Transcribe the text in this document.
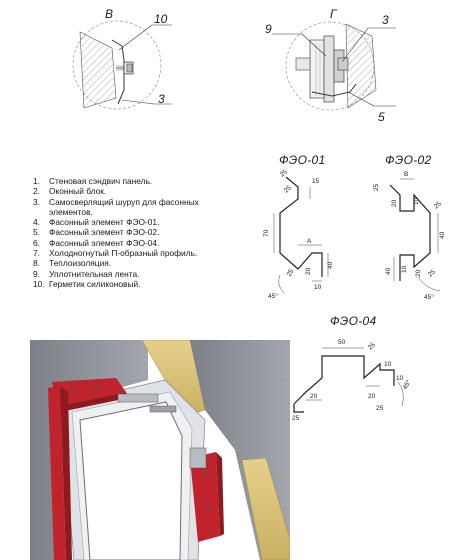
В	10
3
Г
9
3
5
1.	Стеновая сэндвич панель.
2.	Оконный блок.
3.	Самосверлящий шуруп для фасонных элементов.
4.	Фасонный элемент ФЭО-01.
5.	Фасонный элемент ФЭО-02.
6.	Фасонный элемент ФЭО-04.
7.	Холодногнутый П-образный профиль.
8.	Теплоизоляция.
9.	Уплотнительная лента.
10. Герметик силиконовый.
ФЭО-01
25
15
25
70
A
40
20
10
25
45°
ФЭО-02
25
B
20 10 25
40
40 10
20 25
45°
ФЭО-04
50	25
20
25
20
25
45°
10
10
